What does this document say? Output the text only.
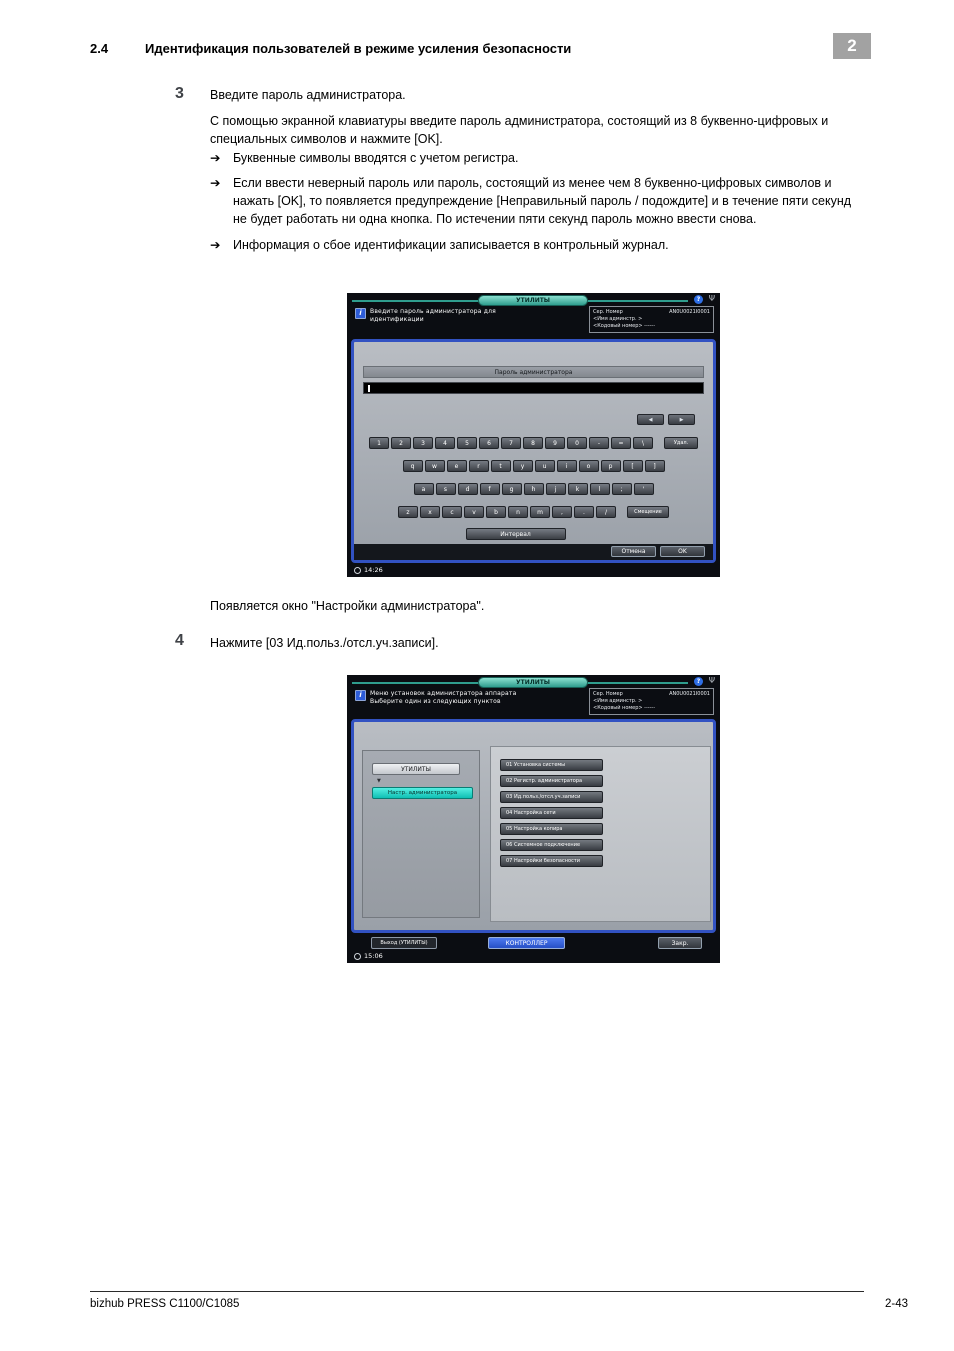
2.4	Идентификация пользователей в режиме усиления безопасности	2
3 Введите пароль администратора.
С помощью экранной клавиатуры введите пароль администратора, состоящий из 8 буквенно-цифровых и специальных символов и нажмите [OK].
➔	Буквенные символы вводятся с учетом регистра.
➔	Если ввести неверный пароль или пароль, состоящий из менее чем 8 буквенно-цифровых символов и нажать [OK], то появляется предупреждение [Неправильный пароль / подождите] и в течение пяти секунд не будет работать ни одна кнопка. По истечении пяти секунд пароль можно ввести снова.
➔	Информация о сбое идентификации записывается в контрольный журнал.
УТИЛИТЫ	?	Ψ
i	Введите пароль администратора для
идентификации
Сер. Номер	AN0U0021I0001
<Имя админстр. >
<Кодовый номер> ------
Пароль администратора
◀	▶
1	2	3	4	5	6	7	8	9	0	-	=	\	Удал.
q	w	e	r	t	y	u	i	o	p	[	]
a	s	d	f	g	h	j	k	l	;	'
z	x	c	v	b	n	m	,	.	/	Смещение
Интервал
Отмена	OK
14:26
Появляется окно "Настройки администратора".
4 Нажмите [03 Ид.польз./отсл.уч.записи].
УТИЛИТЫ	?	Ψ
i	Меню установок администратора аппарата
Выберите один из следующих пунктов
Сер. Номер	AN0U0021I0001
<Имя админстр. >
<Кодовый номер> ------
УТИЛИТЫ
▼
Настр. администратора
01 Установка системы
02 Регистр. администратора
03 Ид.польз./отсл.уч.записи
04 Настройка сети
05 Настройка копира
06 Системное подключение
07 Настройки безопасности
Выход (УТИЛИТЫ)	КОНТРОЛЛЕР	Закр.
15:06
bizhub PRESS C1100/C1085	2-43
